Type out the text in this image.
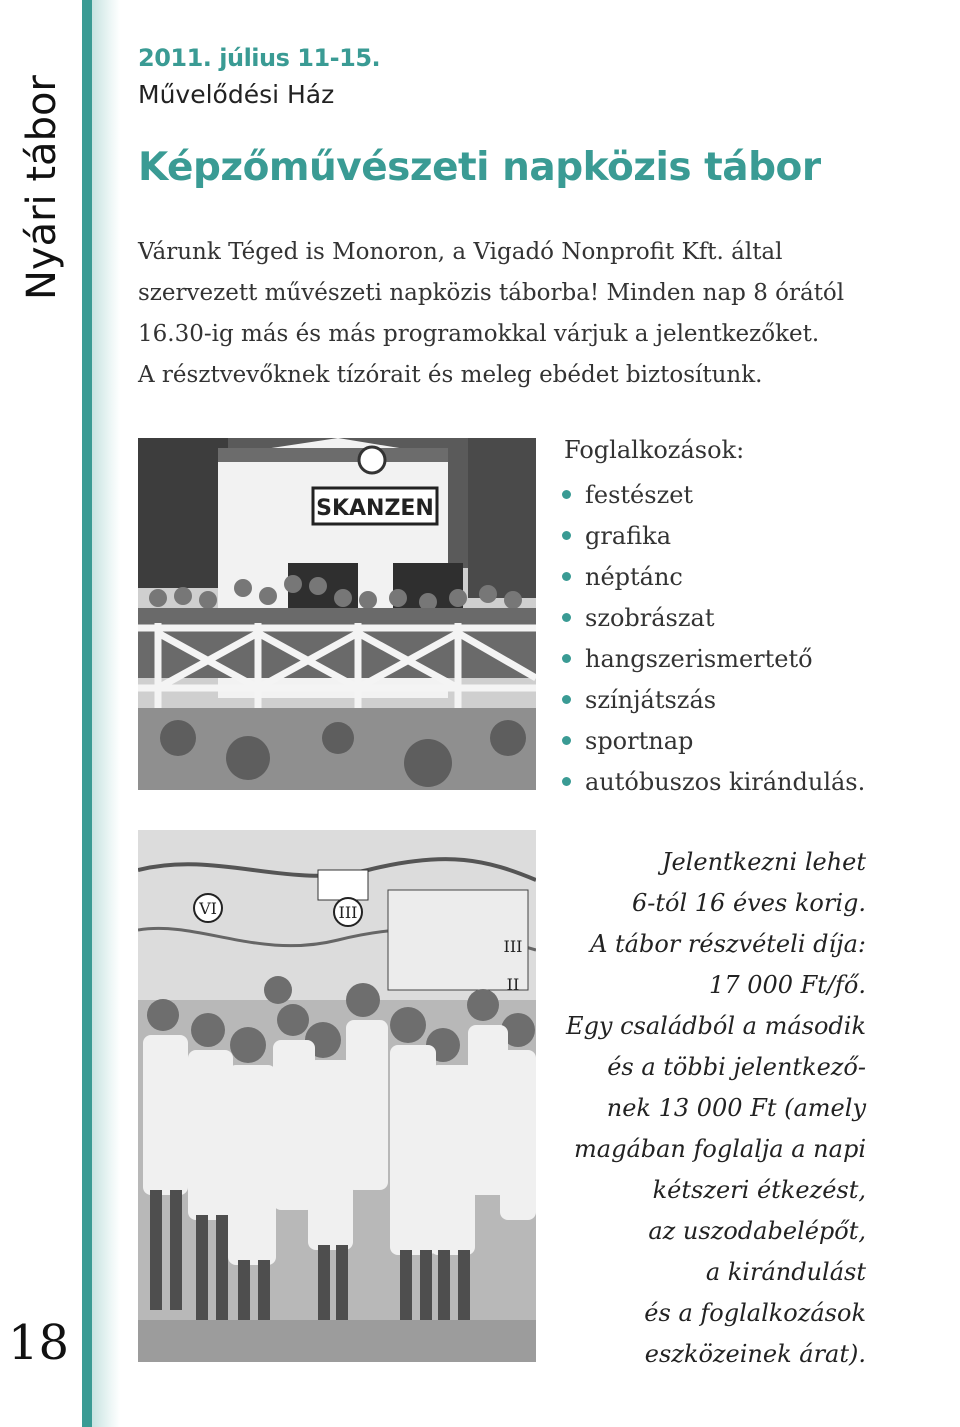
Nyári tábor
18
2011. július 11-15.
Művelődési Ház
Képzőművészeti napközis tábor

Várunk Téged is Monoron, a Vigadó Nonprofit Kft. által
szervezett művészeti napközis táborba! Minden nap 8 órától
16.30-ig más és más programokkal várjuk a jelentkezőket.
A résztvevőknek tízórait és meleg ebédet biztosítunk.

SKANZEN
VI	III
III
II
Foglalkozások:
festészet
grafika
néptánc
szobrászat
hangszerismertető
színjátszás
sportnap
autóbuszos kirándulás.

Jelentkezni lehet
6-tól 16 éves korig.
A tábor részvételi díja:
17 000 Ft/fő.
Egy családból a második
és a többi jelentkező-
nek 13 000 Ft (amely
magában foglalja a napi
kétszeri étkezést,
az uszodabelépőt,
a kirándulást
és a foglalkozások
eszközeinek árat).
